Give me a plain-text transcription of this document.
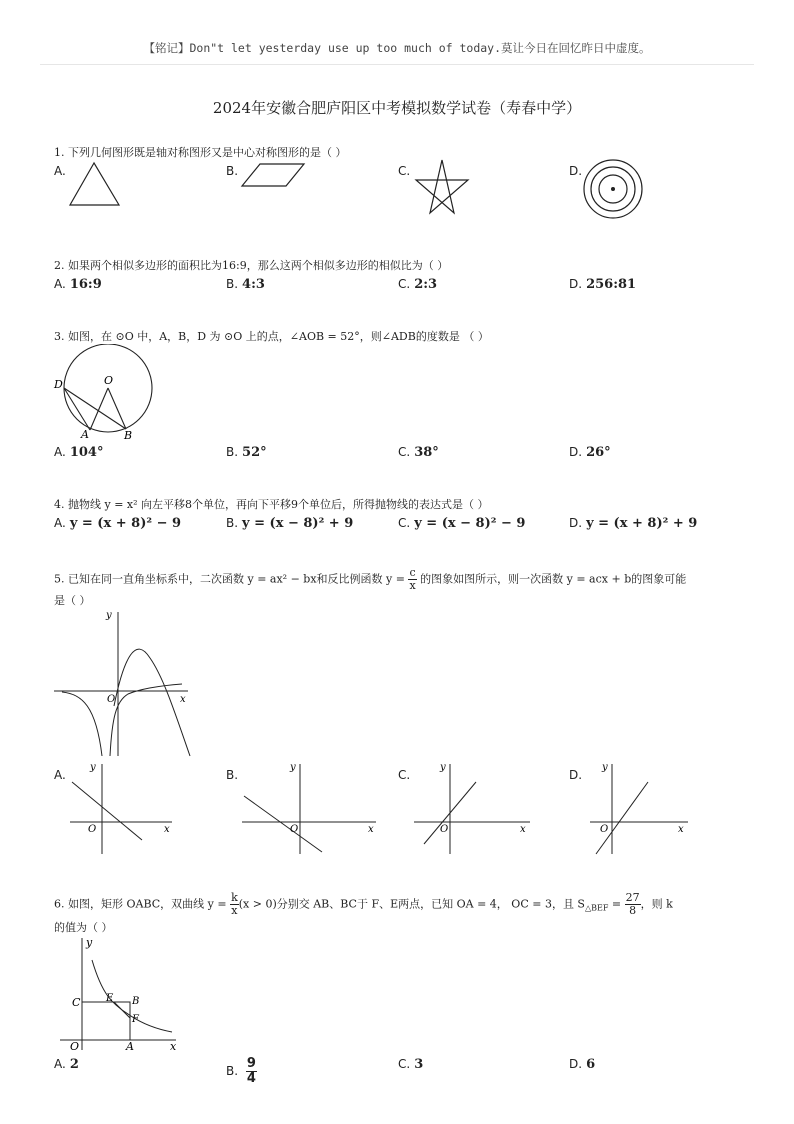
【铭记】Don"t let yesterday use up too much of today.莫让今日在回忆昨日中虚度。
2024年安徽合肥庐阳区中考模拟数学试卷（寿春中学）
1. 下列几何图形既是轴对称图形又是中心对称图形的是（ ）
A.	B.	C.	D.
2. 如果两个相似多边形的面积比为16:9，那么这两个相似多边形的相似比为（ ）
A. 16:9	B. 4:3	C. 2:3	D. 256:81
3. 如图，在 ⊙O 中，A，B，D 为 ⊙O 上的点，∠AOB = 52°，则∠ADB的度数是 （ ）
D	O
A	B
A. 104°	B. 52°	C. 38°	D. 26°
4. 抛物线 y = x² 向左平移8个单位，再向下平移9个单位后，所得抛物线的表达式是（ ）
A. y = (x + 8)² − 9	B. y = (x − 8)² + 9	C. y = (x − 8)² − 9	D. y = (x + 8)² + 9
5. 已知在同一直角坐标系中，二次函数 y = ax² − bx和反比例函数 $y = \frac{c}{x}$ 的图象如图所示，则一次函数 y = acx + b的图象可能
是（ ）
y
x
O
A.	B.	C.	D.
y
x
O
y
x
O
y
x
O
y
x
O
6. 如图，矩形 OABC，双曲线 $y = \frac{k}{x} (x > 0)$分别交 AB、BC于 F、E两点，已知 OA = 4， OC = 3，且 $S_{\triangle BEF} = \frac{27}{8}$ ，则 k
的值为（ ）
y
C	E B
F
O	A	x
A. 2	B. $\frac{9}{4}$	C. 3	D. 6
